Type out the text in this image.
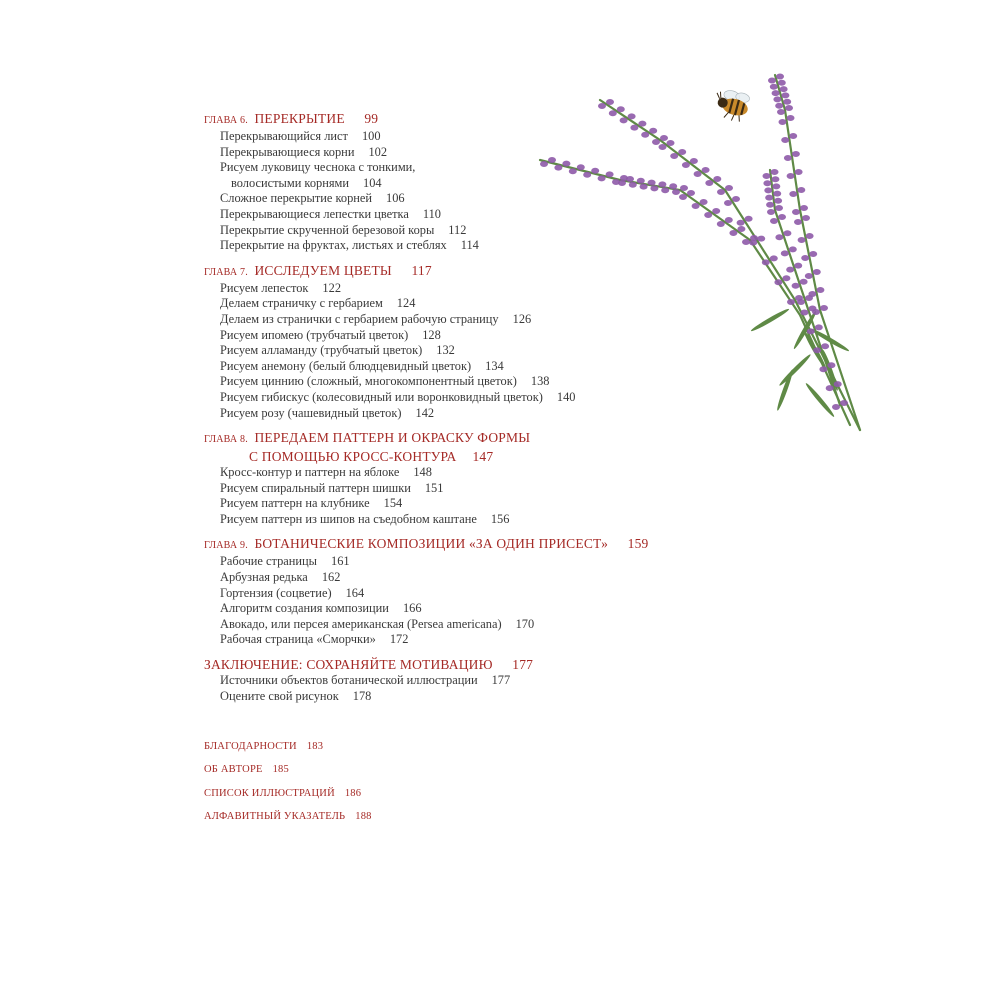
ГЛАВА 6. ПЕРЕКРЫТИЕ 99
Перекрывающийся лист 100
Перекрывающиеся корни 102
Рисуем луковицу чеснока с тонкими,
волосистыми корнями 104
Сложное перекрытие корней 106
Перекрывающиеся лепестки цветка 110
Перекрытие скрученной березовой коры 112
Перекрытие на фруктах, листьях и стеблях 114
ГЛАВА 7. ИССЛЕДУЕМ ЦВЕТЫ 117
Рисуем лепесток 122
Делаем страничку с гербарием 124
Делаем из странички с гербарием рабочую страницу 126
Рисуем ипомею (трубчатый цветок) 128
Рисуем алламанду (трубчатый цветок) 132
Рисуем анемону (белый блюдцевидный цветок) 134
Рисуем циннию (сложный, многокомпонентный цветок) 138
Рисуем гибискус (колесовидный или воронковидный цветок) 140
Рисуем розу (чашевидный цветок) 142
ГЛАВА 8. ПЕРЕДАЕМ ПАТТЕРН И ОКРАСКУ ФОРМЫ
С ПОМОЩЬЮ КРОСС-КОНТУРА 147
Кросс-контур и паттерн на яблоке 148
Рисуем спиральный паттерн шишки 151
Рисуем паттерн на клубнике 154
Рисуем паттерн из шипов на съедобном каштане 156
ГЛАВА 9. БОТАНИЧЕСКИЕ КОМПОЗИЦИИ «ЗА ОДИН ПРИСЕСТ» 159
Рабочие страницы 161
Арбузная редька 162
Гортензия (соцветие) 164
Алгоритм создания композиции 166
Авокадо, или персея американская (Persea americana) 170
Рабочая страница «Сморчки» 172
ЗАКЛЮЧЕНИЕ: СОХРАНЯЙТЕ МОТИВАЦИЮ 177
Источники объектов ботанической иллюстрации 177
Оцените свой рисунок 178
БЛАГОДАРНОСТИ 183
ОБ АВТОРЕ 185
СПИСОК ИЛЛЮСТРАЦИЙ 186
АЛФАВИТНЫЙ УКАЗАТЕЛЬ 188
